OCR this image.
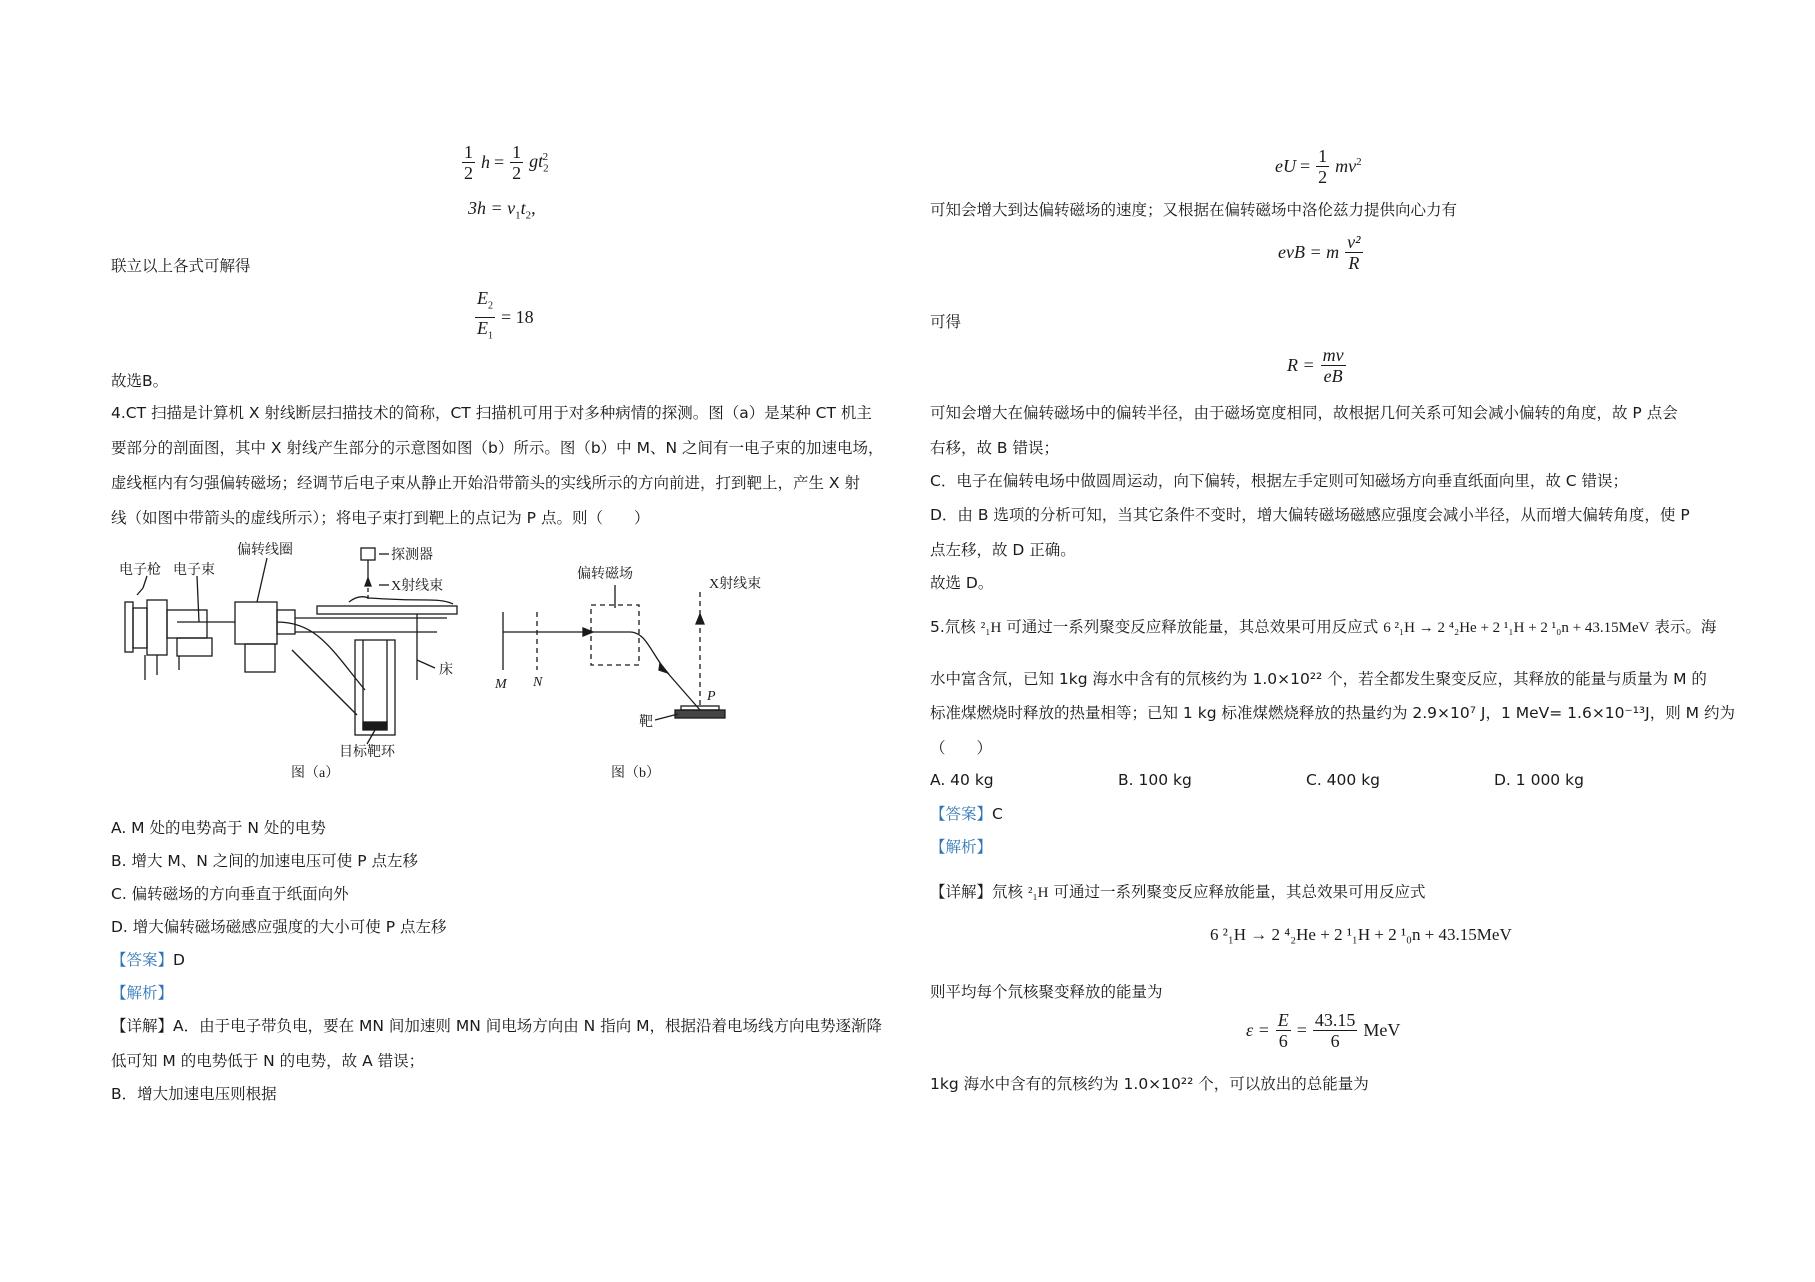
$\frac{1}{2}$ $h = \frac{1}{2} gt_2^2$
$3h = v_1t_2$,
联立以上各式可解得
$\frac{E_2}{E_1} = 18$
故选B。
4.CT 扫描是计算机 X 射线断层扫描技术的简称，CT 扫描机可用于对多种病情的探测。图（a）是某种 CT 机主
要部分的剖面图，其中 X 射线产生部分的示意图如图（b）所示。图（b）中 M、N 之间有一电子束的加速电场，
虚线框内有匀强偏转磁场；经调节后电子束从静止开始沿带箭头的实线所示的方向前进，打到靶上，产生 X 射
线（如图中带箭头的虚线所示）；将电子束打到靶上的点记为 P 点。则（　　）
偏转线圈
电子枪 电子束
探测器
X射线束
床
目标靶环
图（a）
偏转磁场
X射线束
M N
P
靶
图（b）
A. M 处的电势高于 N 处的电势
B. 增大 M、N 之间的加速电压可使 P 点左移
C. 偏转磁场的方向垂直于纸面向外
D. 增大偏转磁场磁感应强度的大小可使 P 点左移
【答案】D
【解析】
【详解】A．由于电子带负电，要在 MN 间加速则 MN 间电场方向由 N 指向 M，根据沿着电场线方向电势逐渐降
低可知 M 的电势低于 N 的电势，故 A 错误；
B．增大加速电压则根据
eU = $\frac{1}{2} mv^2$
可知会增大到达偏转磁场的速度；又根据在偏转磁场中洛伦兹力提供向心力有
evB = m $\frac{\text{v²}}{R}$
可得
$R = \frac{mv}{eB}$
可知会增大在偏转磁场中的偏转半径，由于磁场宽度相同，故根据几何关系可知会减小偏转的角度，故 P 点会
右移，故 B 错误；
C．电子在偏转电场中做圆周运动，向下偏转，根据左手定则可知磁场方向垂直纸面向里，故 C 错误；
D．由 B 选项的分析可知，当其它条件不变时，增大偏转磁场磁感应强度会减小半径，从而增大偏转角度，使 P
点左移，故 D 正确。
故选 D。
5.氘核 ²₁H 可通过一系列聚变反应释放能量，其总效果可用反应式 6 ²₁H → 2 ⁴₂He + 2 ¹₁H + 2 ¹₀n + 43.15MeV 表示。海
水中富含氘，已知 1kg 海水中含有的氘核约为 1.0×10²² 个，若全都发生聚变反应，其释放的能量与质量为 M 的
标准煤燃烧时释放的热量相等；已知 1 kg 标准煤燃烧释放的热量约为 2.9×10⁷ J，1 MeV= 1.6×10⁻¹³J，则 M 约为
（　　）
A. 40 kg	B. 100 kg	C. 400 kg	D. 1 000 kg
【答案】C
【解析】
【详解】氘核 ²₁H 可通过一系列聚变反应释放能量，其总效果可用反应式
6 ²₁H → 2 ⁴₂He + 2 ¹₁H + 2 ¹₀n + 43.15MeV
则平均每个氘核聚变释放的能量为
$\varepsilon = \frac{E}{6} = \frac{43.15}{6}$ MeV
1kg 海水中含有的氘核约为 1.0×10²² 个，可以放出的总能量为
